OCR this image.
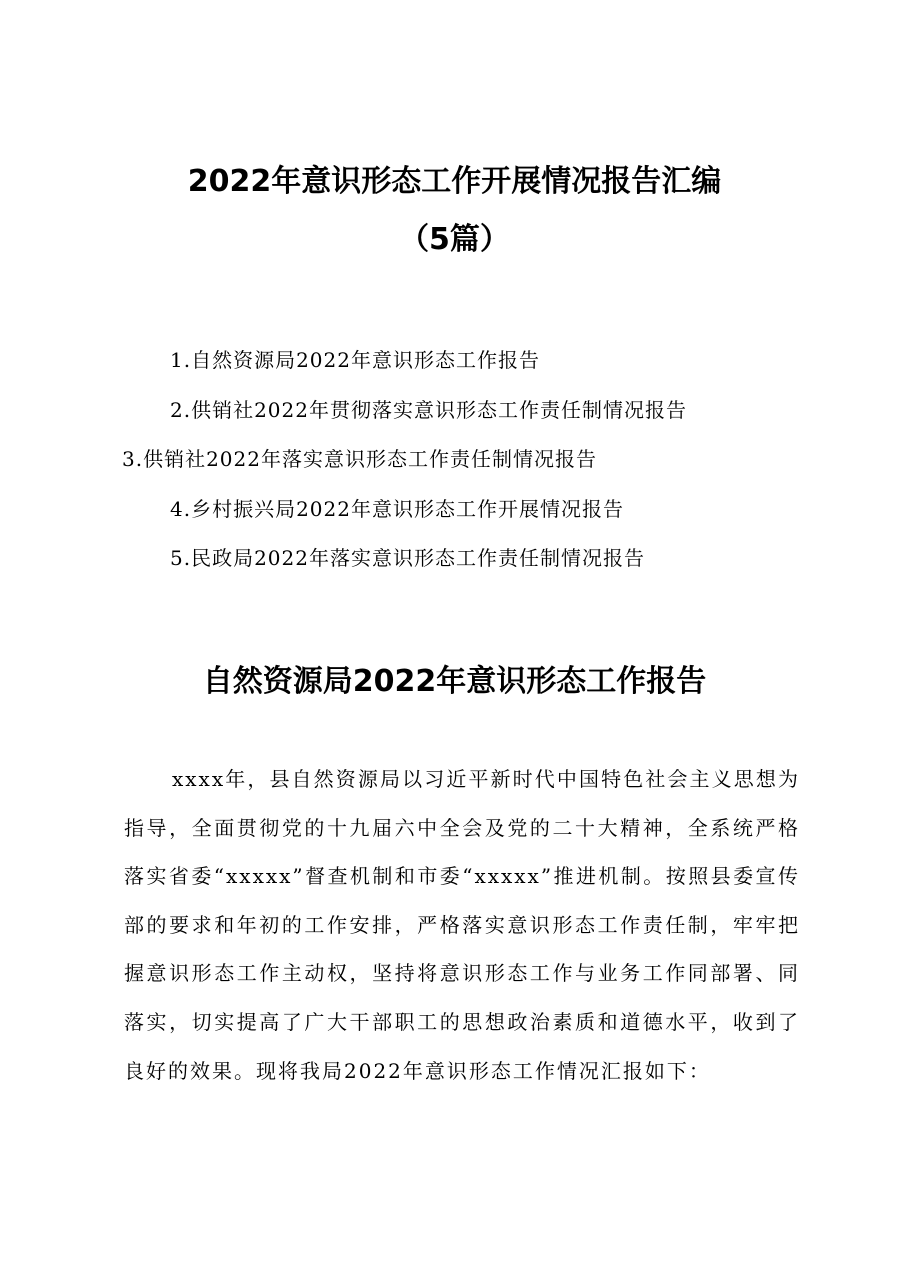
2022年意识形态工作开展情况报告汇编
（5篇）
1.自然资源局2022年意识形态工作报告
2.供销社2022年贯彻落实意识形态工作责任制情况报告
3.供销社2022年落实意识形态工作责任制情况报告
4.乡村振兴局2022年意识形态工作开展情况报告
5.民政局2022年落实意识形态工作责任制情况报告
自然资源局2022年意识形态工作报告

xxxx年，县自然资源局以习近平新时代中国特色社会主义思想为指导，全面贯彻党的十九届六中全会及党的二十大精神，全系统严格落实省委“xxxxx”督查机制和市委“xxxxx”推进机制。按照县委宣传部的要求和年初的工作安排，严格落实意识形态工作责任制，牢牢把握意识形态工作主动权，坚持将意识形态工作与业务工作同部署、同落实，切实提高了广大干部职工的思想政治素质和道德水平，收到了良好的效果。现将我局2022年意识形态工作情况汇报如下：
